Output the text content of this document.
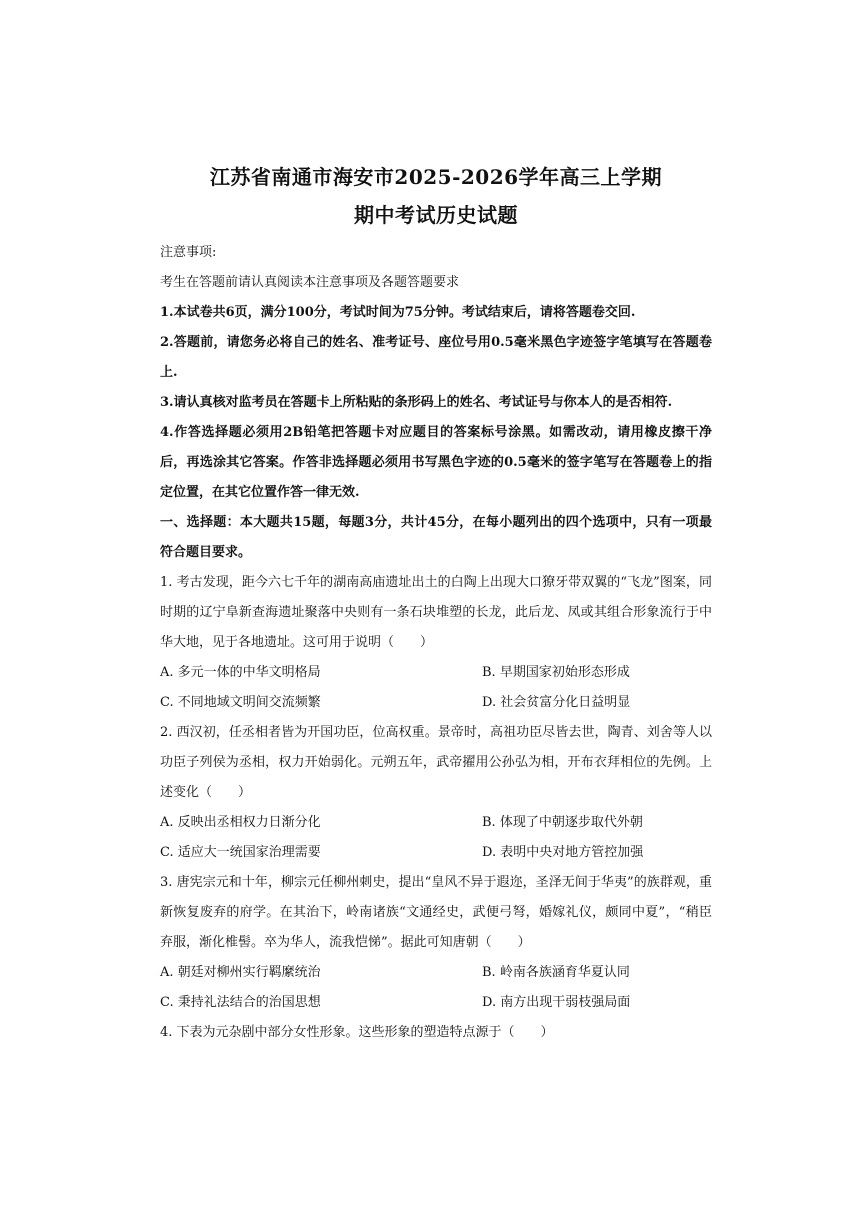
江苏省南通市海安市2025-2026学年高三上学期
期中考试历史试题
注意事项:
考生在答题前请认真阅读本注意事项及各题答题要求
1.本试卷共6页，满分100分，考试时间为75分钟。考试结束后，请将答题卷交回.
2.答题前，请您务必将自己的姓名、准考证号、座位号用0.5毫米黑色字迹签字笔填写在答题卷上.
3.请认真核对监考员在答题卡上所粘贴的条形码上的姓名、考试证号与你本人的是否相符.
4.作答选择题必须用2B铅笔把答题卡对应题目的答案标号涂黑。如需改动，请用橡皮擦干净后，再选涂其它答案。作答非选择题必须用书写黑色字迹的0.5毫米的签字笔写在答题卷上的指定位置，在其它位置作答一律无效.
一、选择题：本大题共15题，每题3分，共计45分，在每小题列出的四个选项中，只有一项最符合题目要求。
1. 考古发现，距今六七千年的湖南高庙遗址出土的白陶上出现大口獠牙带双翼的“飞龙”图案，同时期的辽宁阜新查海遗址聚落中央则有一条石块堆塑的长龙，此后龙、凤或其组合形象流行于中华大地，见于各地遗址。这可用于说明（　　）
A. 多元一体的中华文明格局	B. 早期国家初始形态形成
C. 不同地域文明间交流频繁	D. 社会贫富分化日益明显
2. 西汉初，任丞相者皆为开国功臣，位高权重。景帝时，高祖功臣尽皆去世，陶青、刘舍等人以功臣子列侯为丞相，权力开始弱化。元朔五年，武帝擢用公孙弘为相，开布衣拜相位的先例。上述变化（　　）
A. 反映出丞相权力日渐分化	B. 体现了中朝逐步取代外朝
C. 适应大一统国家治理需要	D. 表明中央对地方管控加强
3. 唐宪宗元和十年，柳宗元任柳州刺史，提出“皇风不异于遐迩，圣泽无间于华夷”的族群观，重新恢复废弃的府学。在其治下，岭南诸族“文通经史，武便弓弩，婚嫁礼仪，颇同中夏”，“稍臣弃服，渐化椎髻。卒为华人，流我恺悌”。据此可知唐朝（　　）
A. 朝廷对柳州实行羁縻统治	B. 岭南各族涵育华夏认同
C. 秉持礼法结合的治国思想	D. 南方出现干弱枝强局面
4. 下表为元杂剧中部分女性形象。这些形象的塑造特点源于（　　）
